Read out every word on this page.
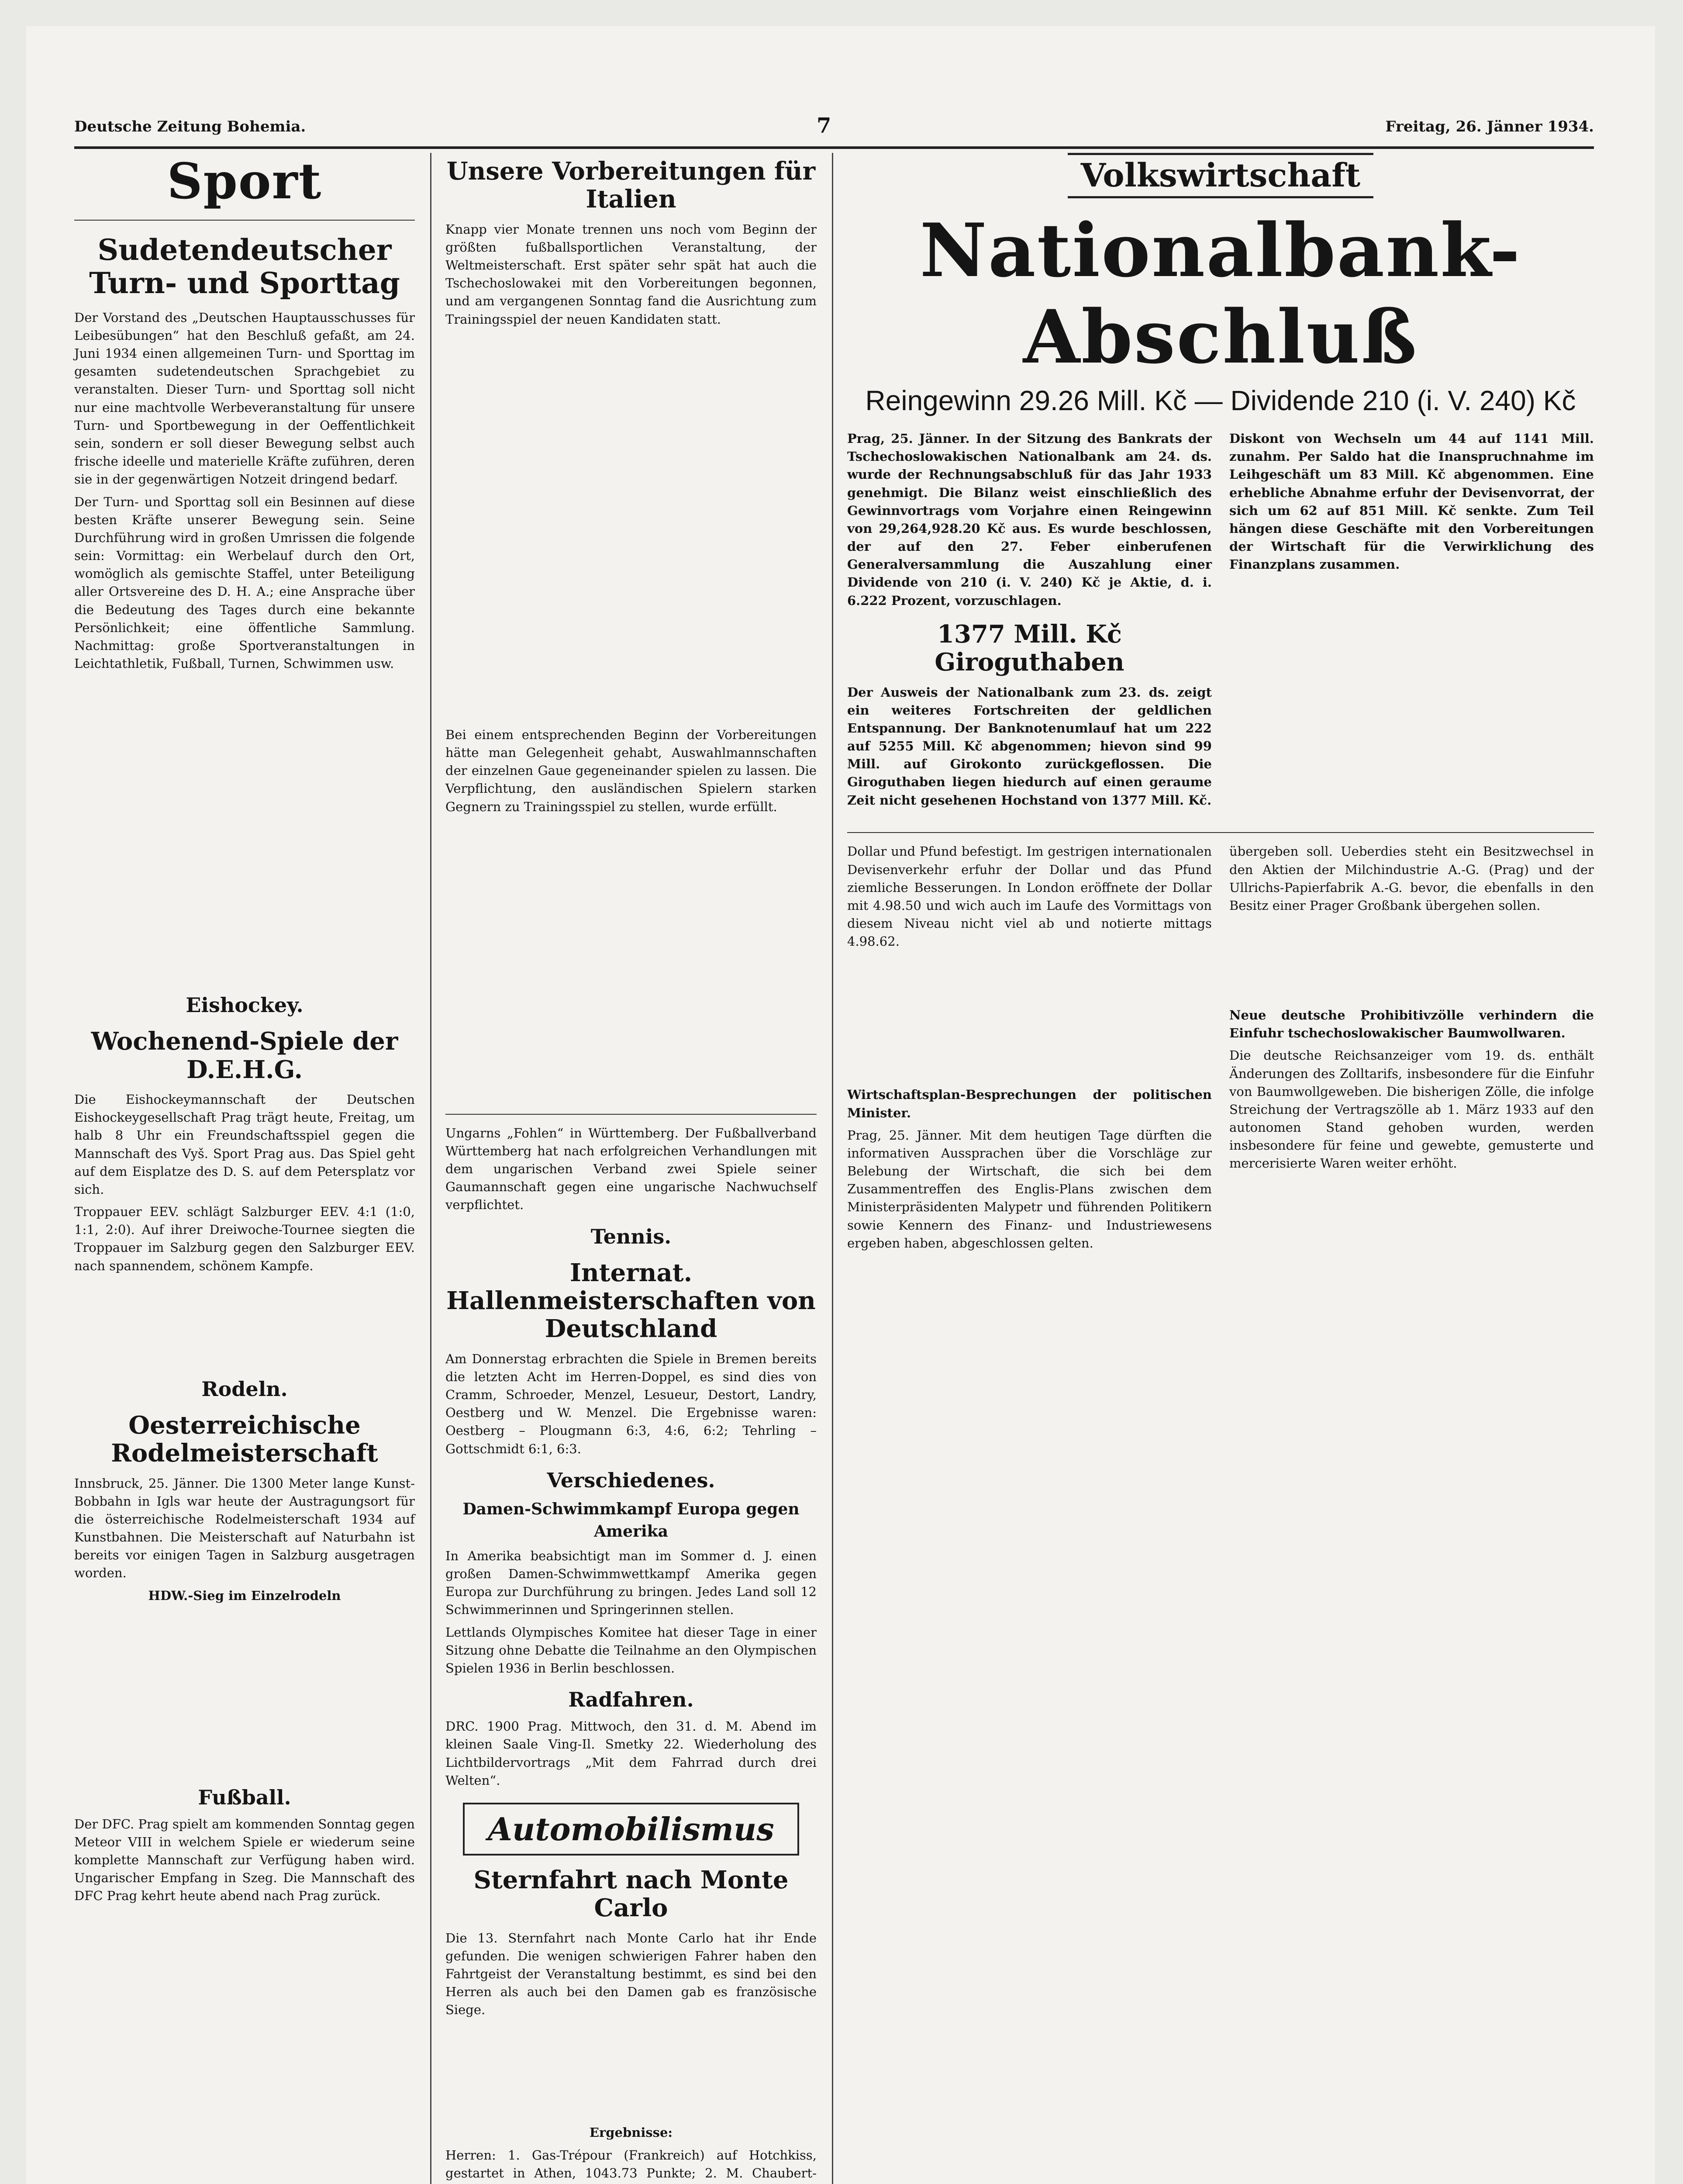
Deutsche Zeitung Bohemia.	7	Freitag, 26. Jänner 1934.
Sport
Sudetendeutscher Turn- und Sporttag
Der Vorstand des „Deutschen Hauptausschusses für Leibesübungen“ hat den Beschluß gefaßt, am 24. Juni 1934 einen allgemeinen Turn- und Sporttag im gesamten sudetendeutschen Sprachgebiet zu veranstalten. Dieser Turn- und Sporttag soll nicht nur eine machtvolle Werbeveranstaltung für unsere Turn- und Sportbewegung in der Oeffentlichkeit sein, sondern er soll dieser Bewegung selbst auch frische ideelle und materielle Kräfte zuführen, deren sie in der gegenwärtigen Notzeit dringend bedarf.
Der Turn- und Sporttag soll ein Besinnen auf diese besten Kräfte unserer Bewegung sein. Seine Durchführung wird in großen Umrissen die folgende sein: Vormittag: ein Werbelauf durch den Ort, womöglich als gemischte Staffel, unter Beteiligung aller Ortsvereine des D. H. A.; eine Ansprache über die Bedeutung des Tages durch eine bekannte Persönlichkeit; eine öffentliche Sammlung. Nachmittag: große Sportveranstaltungen in Leichtathletik, Fußball, Turnen, Schwimmen usw.
Eishockey.
Wochenend-Spiele der D.E.H.G.
Die Eishockeymannschaft der Deutschen Eishockeygesellschaft Prag trägt heute, Freitag, um halb 8 Uhr ein Freundschaftsspiel gegen die Mannschaft des Vyš. Sport Prag aus. Das Spiel geht auf dem Eisplatze des D. S. auf dem Petersplatz vor sich.
Troppauer EEV. schlägt Salzburger EEV. 4:1 (1:0, 1:1, 2:0). Auf ihrer Dreiwoche-Tournee siegten die Troppauer im Salzburg gegen den Salzburger EEV. nach spannendem, schönem Kampfe.
Rodeln.
Oesterreichische Rodelmeisterschaft
Innsbruck, 25. Jänner. Die 1300 Meter lange Kunst-Bobbahn in Igls war heute der Austragungsort für die österreichische Rodelmeisterschaft 1934 auf Kunstbahnen. Die Meisterschaft auf Naturbahn ist bereits vor einigen Tagen in Salzburg ausgetragen worden.
HDW.-Sieg im Einzelrodeln
Fußball.
Der DFC. Prag spielt am kommenden Sonntag gegen Meteor VIII in welchem Spiele er wiederum seine komplette Mannschaft zur Verfügung haben wird. Ungarischer Empfang in Szeg. Die Mannschaft des DFC Prag kehrt heute abend nach Prag zurück.
Unsere Vorbereitungen für Italien
Knapp vier Monate trennen uns noch vom Beginn der größten fußballsportlichen Veranstaltung, der Weltmeisterschaft. Erst später sehr spät hat auch die Tschechoslowakei mit den Vorbereitungen begonnen, und am vergangenen Sonntag fand die Ausrichtung zum Trainingsspiel der neuen Kandidaten statt.
Bei einem entsprechenden Beginn der Vorbereitungen hätte man Gelegenheit gehabt, Auswahlmannschaften der einzelnen Gaue gegeneinander spielen zu lassen. Die Verpflichtung, den ausländischen Spielern starken Gegnern zu Trainingsspiel zu stellen, wurde erfüllt.
Ungarns „Fohlen“ in Württemberg. Der Fußballverband Württemberg hat nach erfolgreichen Verhandlungen mit dem ungarischen Verband zwei Spiele seiner Gaumannschaft gegen eine ungarische Nachwuchself verpflichtet.
Tennis.
Internat. Hallenmeisterschaften von Deutschland
Am Donnerstag erbrachten die Spiele in Bremen bereits die letzten Acht im Herren-Doppel, es sind dies von Cramm, Schroeder, Menzel, Lesueur, Destort, Landry, Oestberg und W. Menzel. Die Ergebnisse waren: Oestberg – Plougmann 6:3, 4:6, 6:2; Tehrling – Gottschmidt 6:1, 6:3.
Verschiedenes.
Damen-Schwimmkampf Europa gegen Amerika
In Amerika beabsichtigt man im Sommer d. J. einen großen Damen-Schwimmwettkampf Amerika gegen Europa zur Durchführung zu bringen. Jedes Land soll 12 Schwimmerinnen und Springerinnen stellen.
Lettlands Olympisches Komitee hat dieser Tage in einer Sitzung ohne Debatte die Teilnahme an den Olympischen Spielen 1936 in Berlin beschlossen.
Radfahren.
DRC. 1900 Prag. Mittwoch, den 31. d. M. Abend im kleinen Saale Ving-Il. Smetky 22. Wiederholung des Lichtbildervortrags „Mit dem Fahrrad durch drei Welten“.
Automobilismus
Sternfahrt nach Monte Carlo
Die 13. Sternfahrt nach Monte Carlo hat ihr Ende gefunden. Die wenigen schwierigen Fahrer haben den Fahrtgeist der Veranstaltung bestimmt, es sind bei den Herren als auch bei den Damen gab es französische Siege.
Ergebnisse:
Herren: 1. Gas-Trépour (Frankreich) auf Hotchkiss, gestartet in Athen, 1043.73 Punkte; 2. M. Chaubert-
Volkswirtschaft
Nationalbank-Abschluß
Reingewinn 29.26 Mill. Kč — Dividende 210 (i. V. 240) Kč
Prag, 25. Jänner. In der Sitzung des Bankrats der Tschechoslowakischen Nationalbank am 24. ds. wurde der Rechnungsabschluß für das Jahr 1933 genehmigt. Die Bilanz weist einschließlich des Gewinnvortrags vom Vorjahre einen Reingewinn von 29,264,928.20 Kč aus. Es wurde beschlossen, der auf den 27. Feber einberufenen Generalversammlung die Auszahlung einer Dividende von 210 (i. V. 240) Kč je Aktie, d. i. 6.222 Prozent, vorzuschlagen.
1377 Mill. Kč Giroguthaben
Der Ausweis der Nationalbank zum 23. ds. zeigt ein weiteres Fortschreiten der geldlichen Entspannung. Der Banknotenumlauf hat um 222 auf 5255 Mill. Kč abgenommen; hievon sind 99 Mill. auf Girokonto zurückgeflossen. Die Giroguthaben liegen hiedurch auf einen geraume Zeit nicht gesehenen Hochstand von 1377 Mill. Kč.
Diskont von Wechseln um 44 auf 1141 Mill. zunahm. Per Saldo hat die Inanspruchnahme im Leihgeschäft um 83 Mill. Kč abgenommen. Eine erhebliche Abnahme erfuhr der Devisenvorrat, der sich um 62 auf 851 Mill. Kč senkte. Zum Teil hängen diese Geschäfte mit den Vorbereitungen der Wirtschaft für die Verwirklichung des Finanzplans zusammen.
Dollar und Pfund befestigt. Im gestrigen internationalen Devisenverkehr erfuhr der Dollar und das Pfund ziemliche Besserungen. In London eröffnete der Dollar mit 4.98.50 und wich auch im Laufe des Vormittags von diesem Niveau nicht viel ab und notierte mittags 4.98.62.
Wirtschaftsplan-Besprechungen der politischen Minister.
Prag, 25. Jänner. Mit dem heutigen Tage dürften die informativen Aussprachen über die Vorschläge zur Belebung der Wirtschaft, die sich bei dem Zusammentreffen des Englis-Plans zwischen dem Ministerpräsidenten Malypetr und führenden Politikern sowie Kennern des Finanz- und Industriewesens ergeben haben, abgeschlossen gelten.
übergeben soll. Ueberdies steht ein Besitzwechsel in den Aktien der Milchindustrie A.-G. (Prag) und der Ullrichs-Papierfabrik A.-G. bevor, die ebenfalls in den Besitz einer Prager Großbank übergehen sollen.
Neue deutsche Prohibitivzölle verhindern die Einfuhr tschechoslowakischer Baumwollwaren.
Die deutsche Reichsanzeiger vom 19. ds. enthält Änderungen des Zolltarifs, insbesondere für die Einfuhr von Baumwollgeweben. Die bisherigen Zölle, die infolge Streichung der Vertragszölle ab 1. März 1933 auf den autonomen Stand gehoben wurden, werden insbesondere für feine und gewebte, gemusterte und mercerisierte Waren weiter erhöht.
